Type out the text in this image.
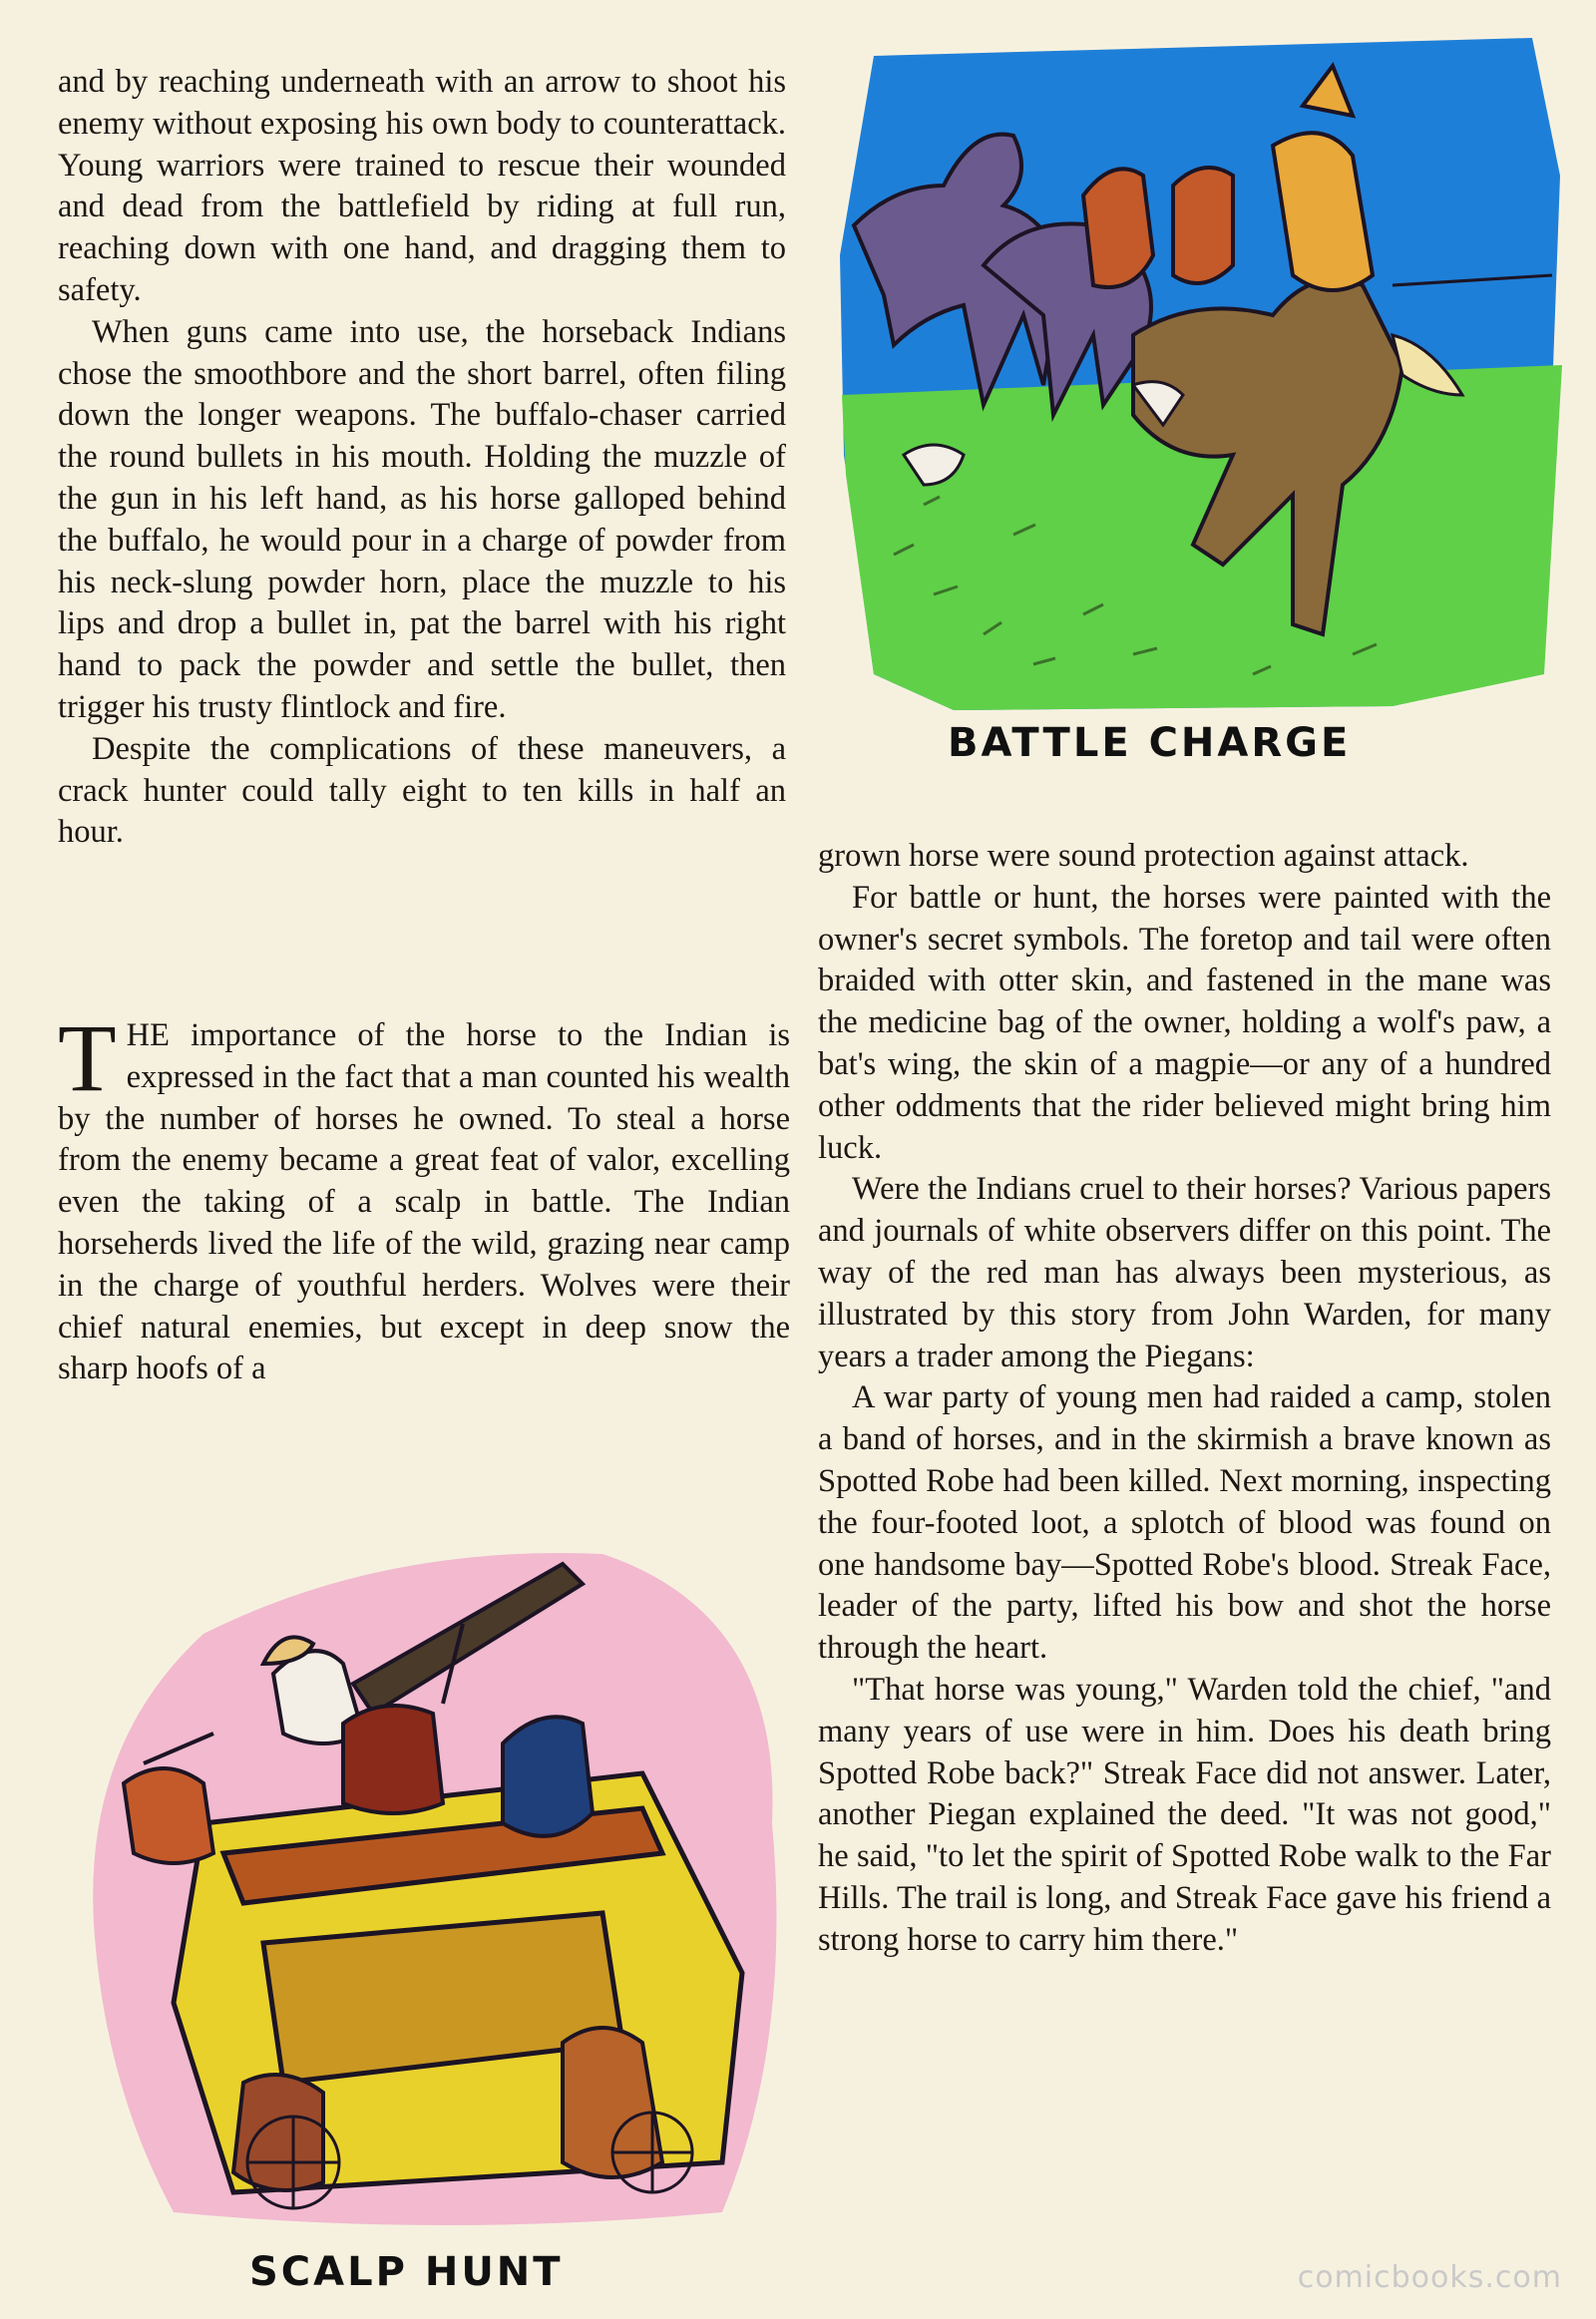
and by reaching underneath with an arrow to shoot his enemy without exposing his own body to counterattack. Young warriors were trained to rescue their wounded and dead from the battlefield by riding at full run, reaching down with one hand, and dragging them to safety.

When guns came into use, the horseback Indians chose the smoothbore and the short barrel, often filing down the longer weapons. The buffalo-chaser carried the round bullets in his mouth. Holding the muzzle of the gun in his left hand, as his horse galloped behind the buffalo, he would pour in a charge of powder from his neck-slung powder horn, place the muzzle to his lips and drop a bullet in, pat the barrel with his right hand to pack the powder and settle the bullet, then trigger his trusty flintlock and fire.

Despite the complications of these maneuvers, a crack hunter could tally eight to ten kills in half an hour.

THE importance of the horse to the Indian is expressed in the fact that a man counted his wealth by the number of horses he owned. To steal a horse from the enemy became a great feat of valor, excelling even the taking of a scalp in battle. The Indian horseherds lived the life of the wild, grazing near camp in the charge of youthful herders. Wolves were their chief natural enemies, but except in deep snow the sharp hoofs of a

grown horse were sound protection against attack.

For battle or hunt, the horses were painted with the owner's secret symbols. The foretop and tail were often braided with otter skin, and fastened in the mane was the medicine bag of the owner, holding a wolf's paw, a bat's wing, the skin of a magpie—or any of a hundred other oddments that the rider believed might bring him luck.

Were the Indians cruel to their horses? Various papers and journals of white observers differ on this point. The way of the red man has always been mysterious, as illustrated by this story from John Warden, for many years a trader among the Piegans:

A war party of young men had raided a camp, stolen a band of horses, and in the skirmish a brave known as Spotted Robe had been killed. Next morning, inspecting the four-footed loot, a splotch of blood was found on one handsome bay—Spotted Robe's blood. Streak Face, leader of the party, lifted his bow and shot the horse through the heart.

"That horse was young," Warden told the chief, "and many years of use were in him. Does his death bring Spotted Robe back?" Streak Face did not answer. Later, another Piegan explained the deed. "It was not good," he said, "to let the spirit of Spotted Robe walk to the Far Hills. The trail is long, and Streak Face gave his friend a strong horse to carry him there."

BATTLE CHARGE
SCALP HUNT	comicbooks.com
